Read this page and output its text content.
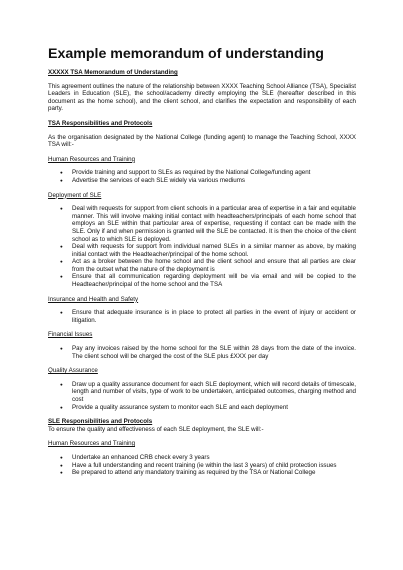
Example memorandum of understanding

XXXXX TSA Memorandum of Understanding

This agreement outlines the nature of the relationship between XXXX Teaching School Alliance (TSA), Specialist Leaders in Education (SLE), the school/academy directly employing the SLE (hereafter described in this document as the home school), and the client school, and clarifies the expectation and responsibility of each party.

TSA Responsibilities and Protocols

As the organisation designated by the National College (funding agent) to manage the Teaching School, XXXX TSA will:-

Human Resources and Training

● Provide training and support to SLEs as required by the National College/funding agent
● Advertise the services of each SLE widely via various mediums

Deployment of SLE

● Deal with requests for support from client schools in a particular area of expertise in a fair and equitable manner. This will involve making initial contact with headteachers/principals of each home school that employs an SLE within that particular area of expertise, requesting if contact can be made with the SLE. Only if and when permission is granted will the SLE be contacted. It is then the choice of the client school as to which SLE is deployed.
● Deal with requests for support from individual named SLEs in a similar manner as above, by making initial contact with the Headteacher/principal of the home school.
● Act as a broker between the home school and the client school and ensure that all parties are clear from the outset what the nature of the deployment is
● Ensure that all communication regarding deployment will be via email and will be copied to the Headteacher/principal of the home school and the TSA

Insurance and Health and Safety

● Ensure that adequate insurance is in place to protect all parties in the event of injury or accident or litigation.

Financial Issues

● Pay any invoices raised by the home school for the SLE within 28 days from the date of the invoice. The client school will be charged the cost of the SLE plus £XXX per day

Quality Assurance

● Draw up a quality assurance document for each SLE deployment, which will record details of timescale, length and number of visits, type of work to be undertaken, anticipated outcomes, charging method and cost
● Provide a quality assurance system to monitor each SLE and each deployment

SLE Responsibilities and Protocols

To ensure the quality and effectiveness of each SLE deployment, the SLE will:-

Human Resources and Training

● Undertake an enhanced CRB check every 3 years
● Have a full understanding and recent training (ie within the last 3 years) of child protection issues
● Be prepared to attend any mandatory training as required by the TSA or National College
